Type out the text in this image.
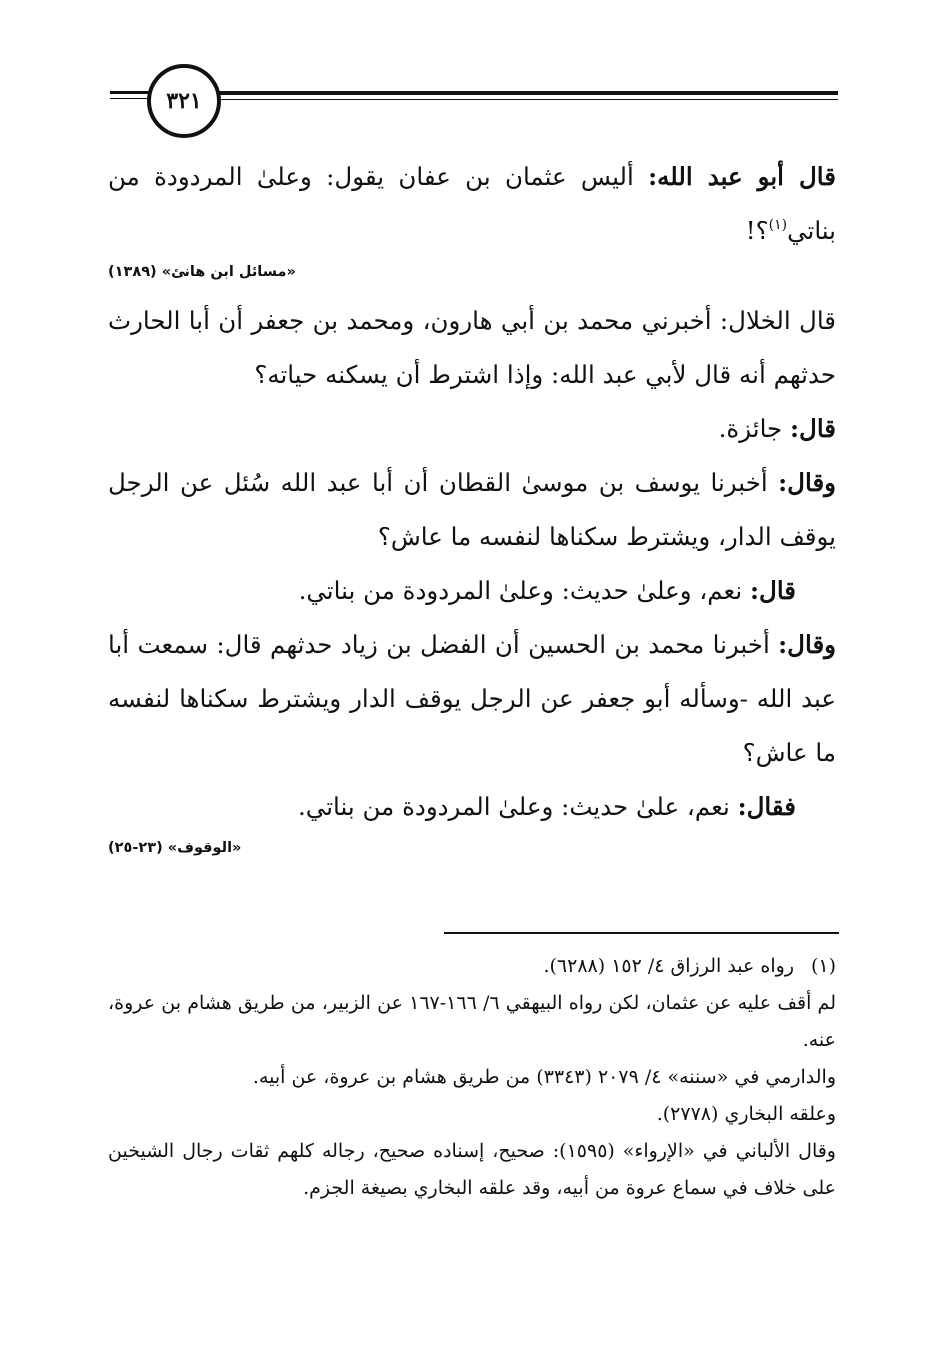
٣٢١

قال أبو عبد الله: أليس عثمان بن عفان يقول: وعلىٰ المردودة من بناتي$^{(١)}$؟!

«مسائل ابن هانئ» (١٣٨٩)

قال الخلال: أخبرني محمد بن أبي هارون، ومحمد بن جعفر أن أبا الحارث حدثهم أنه قال لأبي عبد الله: وإذا اشترط أن يسكنه حياته؟

قال: جائزة.

وقال: أخبرنا يوسف بن موسىٰ القطان أن أبا عبد الله سُئل عن الرجل يوقف الدار، ويشترط سكناها لنفسه ما عاش؟

قال: نعم، وعلىٰ حديث: وعلىٰ المردودة من بناتي.

وقال: أخبرنا محمد بن الحسين أن الفضل بن زياد حدثهم قال: سمعت أبا عبد الله -وسأله أبو جعفر عن الرجل يوقف الدار ويشترط سكناها لنفسه ما عاش؟

فقال: نعم، علىٰ حديث: وعلىٰ المردودة من بناتي.

«الوقوف» (٢٣-٢٥)

(١)رواه عبد الرزاق ٤/ ١٥٢ (٦٢٨٨).

لم أقف عليه عن عثمان، لكن رواه البيهقي ٦/ ١٦٦-١٦٧ عن الزبير، من طريق هشام بن عروة، عنه.

والدارمي في «سننه» ٤/ ٢٠٧٩ (٣٣٤٣) من طريق هشام بن عروة، عن أبيه.

وعلقه البخاري (٢٧٧٨).

وقال الألباني في «الإرواء» (١٥٩٥): صحيح، إسناده صحيح، رجاله كلهم ثقات رجال الشيخين على خلاف في سماع عروة من أبيه، وقد علقه البخاري بصيغة الجزم.
